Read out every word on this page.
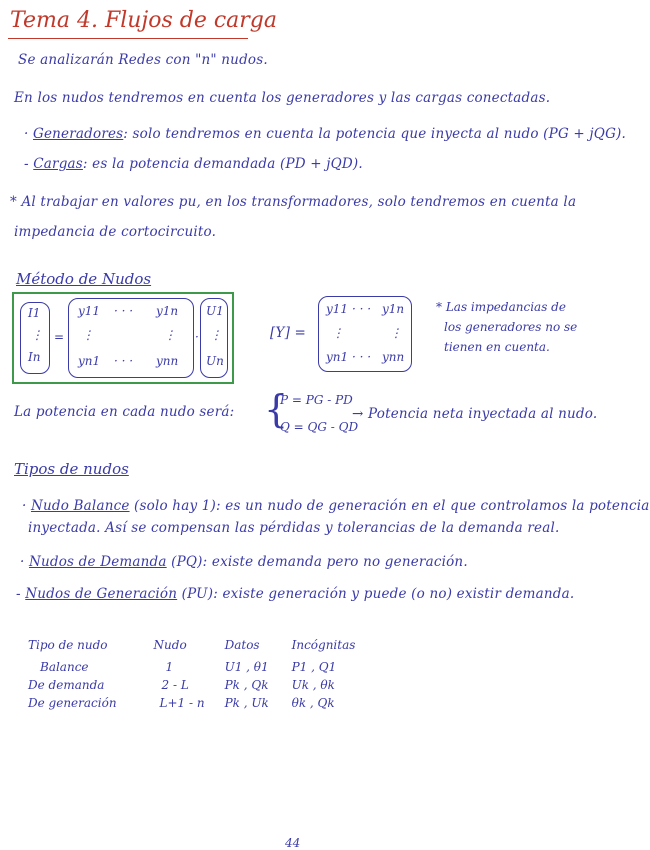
Tema 4. Flujos de carga
Se analizarán Redes con "n" nudos.
En los nudos tendremos en cuenta los generadores y las cargas conectadas.
· Generadores: solo tendremos en cuenta la potencia que inyecta al nudo (PG + jQG).
- Cargas: es la potencia demandada (PD + jQD).
* Al trabajar en valores pu, en los transformadores, solo tendremos en cuenta la
impedancia de cortocircuito.
Método de Nudos
I1
⋮
In
=
y11 · · · y1n
⋮	⋮
yn1 · · · ynn
·
U1
⋮
Un
[Y] =
y11 · · · y1n
⋮	⋮
yn1 · · · ynn
* Las impedancias de
los generadores no se
tienen en cuenta.
La potencia en cada nudo será: {
P = PG - PD
Q = QG - QD
→ Potencia neta inyectada al nudo.
Tipos de nudos
· Nudo Balance (solo hay 1): es un nudo de generación en el que controlamos la potencia
inyectada. Así se compensan las pérdidas y tolerancias de la demanda real.
· Nudos de Demanda (PQ): existe demanda pero no generación.
- Nudos de Generación (PU): existe generación y puede (o no) existir demanda.
Tipo de nudo	Nudo	Datos	Incógnitas
Balance	1	U1 , θ1	P1 , Q1
De demanda	2 - L	Pk , Qk	Uk , θk
De generación	L+1 - n	Pk , Uk	θk , Qk
44
